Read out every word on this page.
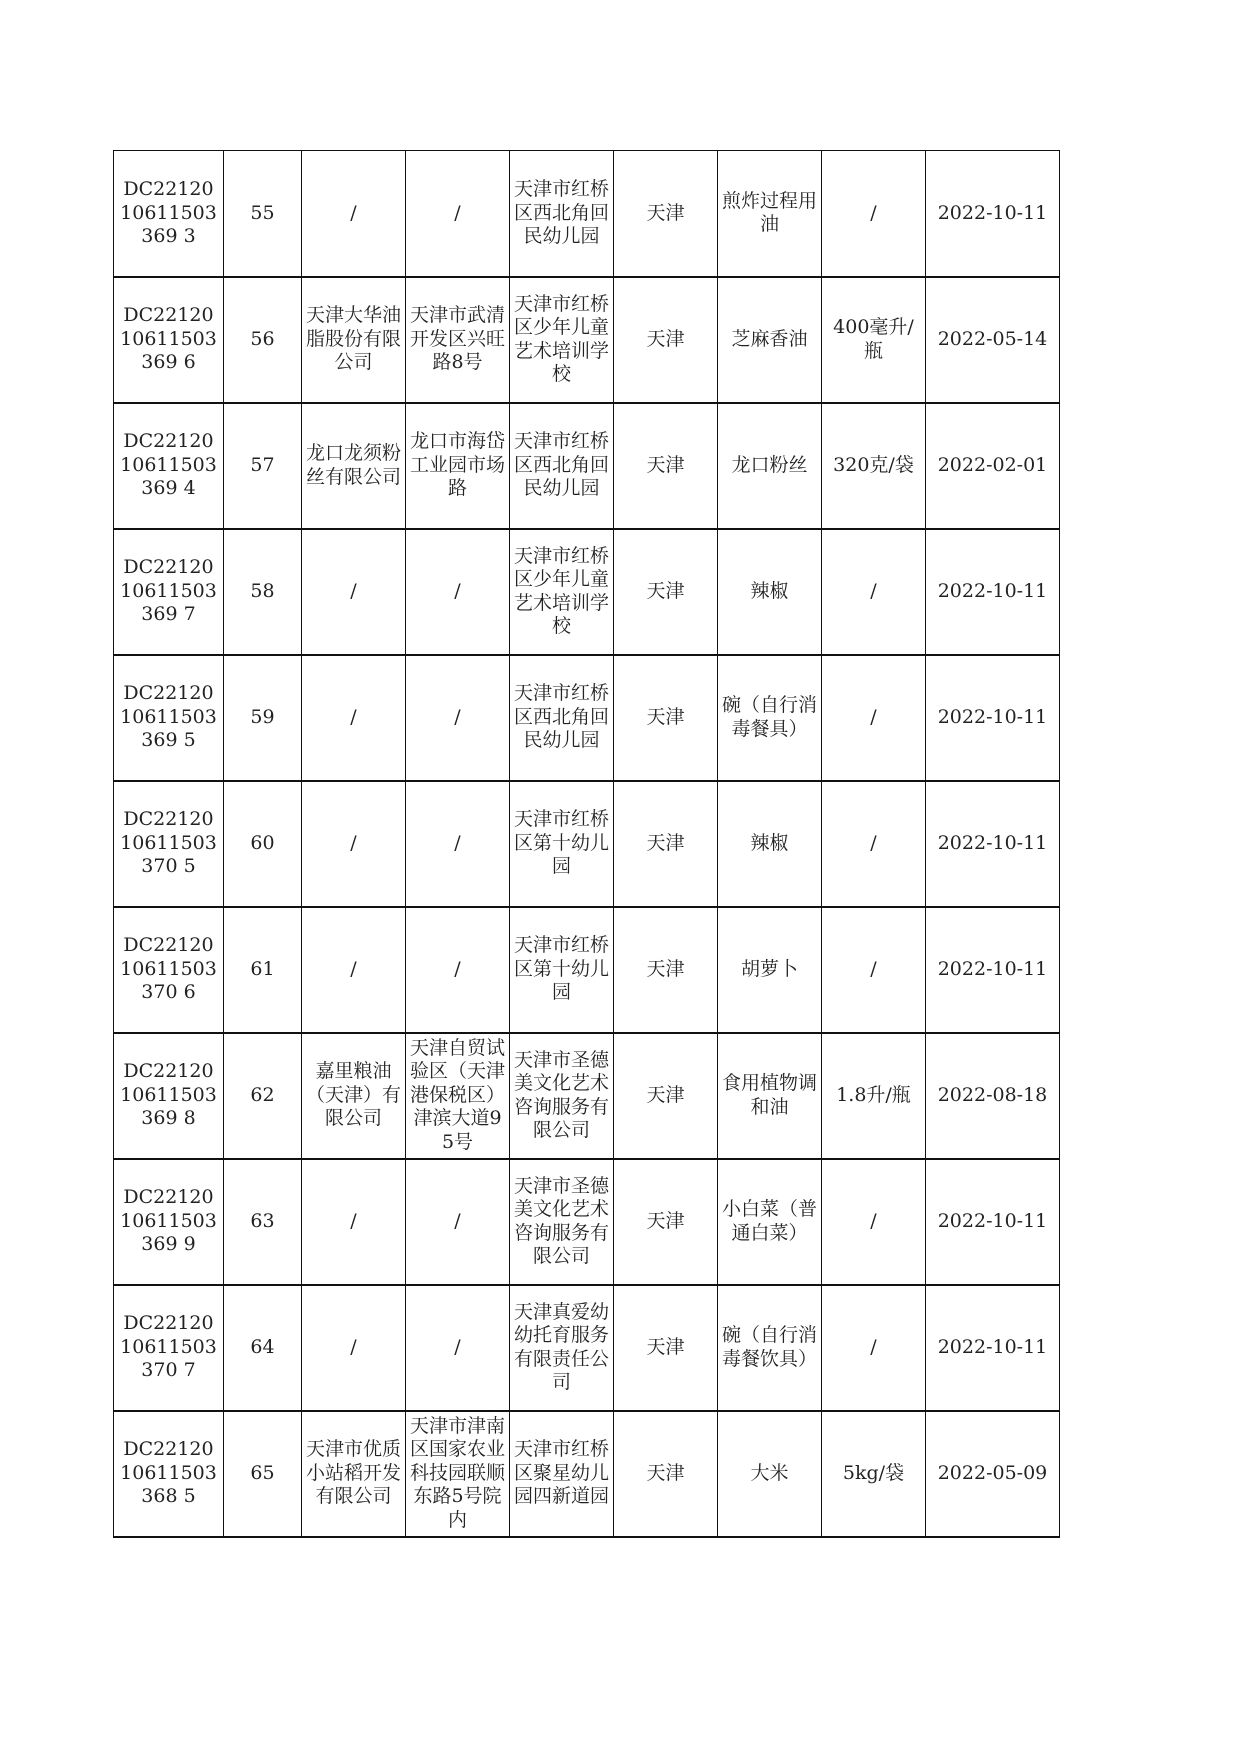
DC2212010611503369 3	55	/	/	天津市红桥区西北角回民幼儿园	天津	煎炸过程用油	/	2022-10-11

DC2212010611503369 6	56	天津大华油脂股份有限公司	天津市武清开发区兴旺路8号	天津市红桥区少年儿童艺术培训学校	天津	芝麻香油	400毫升/瓶	2022-05-14

DC2212010611503369 4	57	龙口龙须粉丝有限公司	龙口市海岱工业园市场路	天津市红桥区西北角回民幼儿园	天津	龙口粉丝	320克/袋	2022-02-01

DC2212010611503369 7	58	/	/	天津市红桥区少年儿童艺术培训学校	天津	辣椒	/	2022-10-11

DC2212010611503369 5	59	/	/	天津市红桥区西北角回民幼儿园	天津	碗（自行消毒餐具）	/	2022-10-11

DC2212010611503370 5	60	/	/	天津市红桥区第十幼儿园	天津	辣椒	/	2022-10-11

DC2212010611503370 6	61	/	/	天津市红桥区第十幼儿园	天津	胡萝卜	/	2022-10-11

DC2212010611503369 8	62	嘉里粮油（天津）有限公司	天津自贸试验区（天津港保税区）津滨大道95号	天津市圣德美文化艺术咨询服务有限公司	天津	食用植物调和油	1.8升/瓶	2022-08-18

DC2212010611503369 9	63	/	/	天津市圣德美文化艺术咨询服务有限公司	天津	小白菜（普通白菜）	/	2022-10-11

DC2212010611503370 7	64	/	/	天津真爱幼幼托育服务有限责任公司	天津	碗（自行消毒餐饮具）	/	2022-10-11

DC2212010611503368 5	65	天津市优质小站稻开发有限公司	天津市津南区国家农业科技园联顺东路5号院内	天津市红桥区聚星幼儿园四新道园	天津	大米	5kg/袋	2022-05-09
